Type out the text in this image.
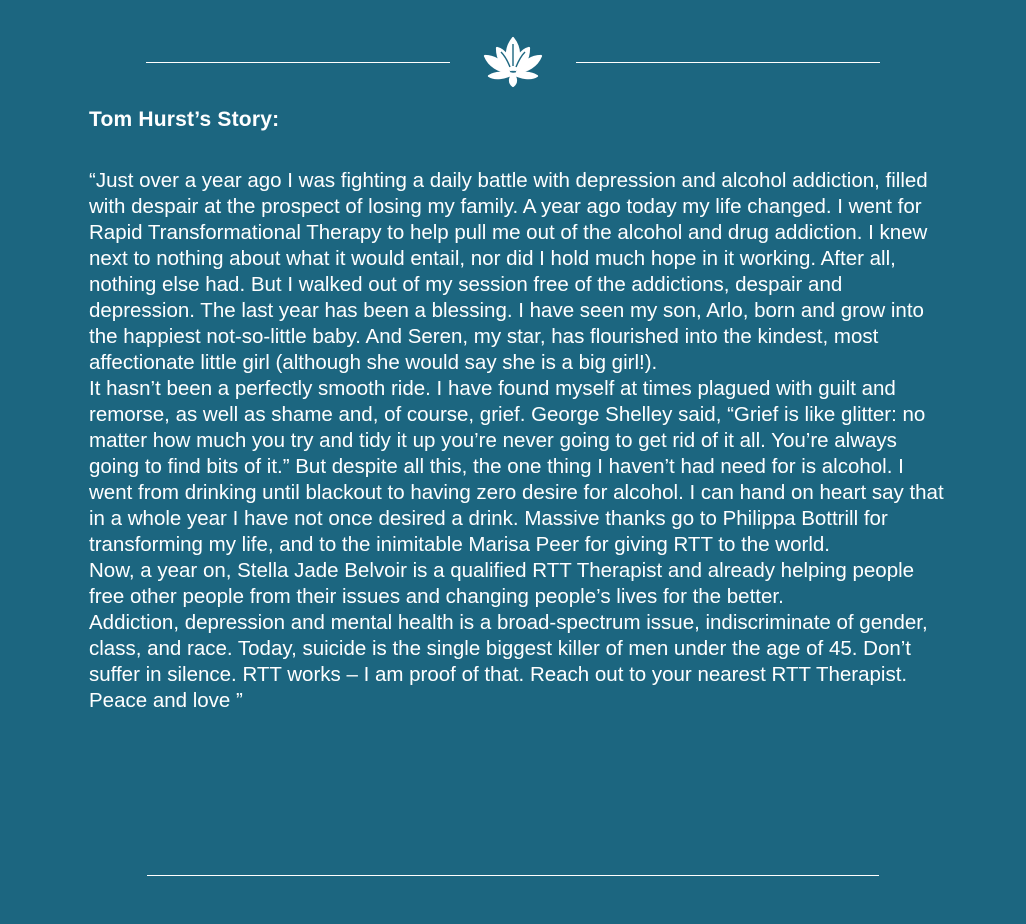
Tom Hurst’s Story:

“Just over a year ago I was fighting a daily battle with depression and alcohol addiction, filled with despair at the prospect of losing my family. A year ago today my life changed. I went for Rapid Transformational Therapy to help pull me out of the alcohol and drug addiction. I knew next to nothing about what it would entail, nor did I hold much hope in it working. After all, nothing else had. But I walked out of my session free of the addictions, despair and depression. The last year has been a blessing. I have seen my son, Arlo, born and grow into the happiest not-so-little baby. And Seren, my star, has flourished into the kindest, most affectionate little girl (although she would say she is a big girl!).

It hasn’t been a perfectly smooth ride. I have found myself at times plagued with guilt and remorse, as well as shame and, of course, grief. George Shelley said, “Grief is like glitter: no matter how much you try and tidy it up you’re never going to get rid of it all. You’re always going to find bits of it.” But despite all this, the one thing I haven’t had need for is alcohol. I went from drinking until blackout to having zero desire for alcohol. I can hand on heart say that in a whole year I have not once desired a drink. Massive thanks go to Philippa Bottrill for transforming my life, and to the inimitable Marisa Peer for giving RTT to the world.

Now, a year on, Stella Jade Belvoir is a qualified RTT Therapist and already helping people free other people from their issues and changing people’s lives for the better.

Addiction, depression and mental health is a broad-spectrum issue, indiscriminate of gender, class, and race. Today, suicide is the single biggest killer of men under the age of 45. Don’t suffer in silence. RTT works – I am proof of that. Reach out to your nearest RTT Therapist.

Peace and love ”
